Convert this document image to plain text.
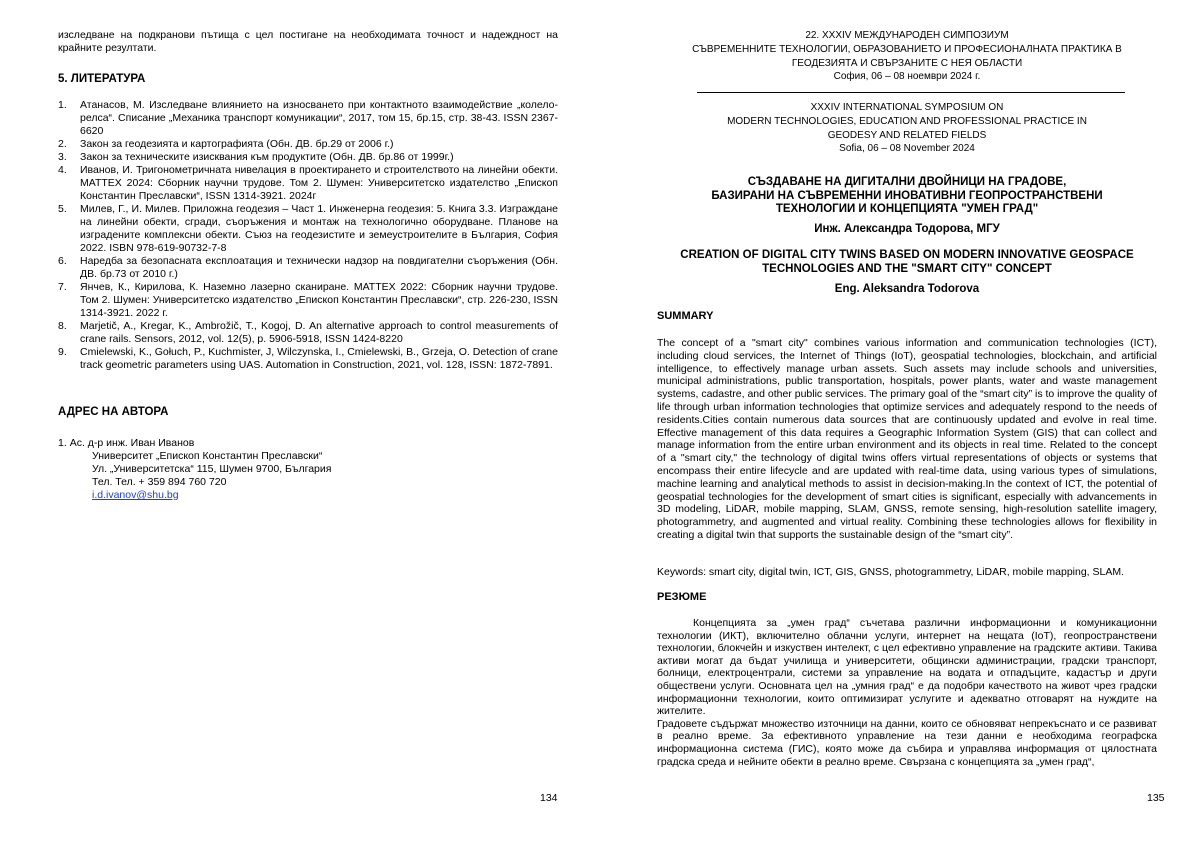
изследване на подкранови пътища с цел постигане на необходимата точност и надеждност на крайните резултати.
5. ЛИТЕРАТУРА
1. Атанасов, М. Изследване влиянието на износването при контактното взаимодействие „колело-релса“. Списание „Механика транспорт комуникации“, 2017, том 15, бр.15, стр. 38-43. ISSN 2367-6620
2. Закон за геодезията и картографията (Обн. ДВ. бр.29 от 2006 г.)
3. Закон за техническите изисквания към продуктите (Обн. ДВ. бр.86 от 1999г.)
4. Иванов, И. Тригонометричната нивелация в проектирането и строителството на линейни обекти. MATTEX 2024: Сборник научни трудове. Том 2. Шумен: Университетско издателство „Епископ Константин Преславски“, ISSN 1314-3921. 2024г
5. Милев, Г., И. Милев. Приложна геодезия – Част 1. Инженерна геодезия: 5. Книга 3.3. Изграждане на линейни обекти, сгради, съоръжения и монтаж на технологично оборудване. Планове на изградените комплексни обекти. Съюз на геодезистите и земеустроителите в България, София 2022. ISBN 978-619-90732-7-8
6. Наредба за безопасната експлоатация и технически надзор на повдигателни съоръжения (Обн. ДВ. бр.73 от 2010 г.)
7. Янчев, К., Кирилова, К. Наземно лазерно сканиране. MATTEX 2022: Сборник научни трудове. Том 2. Шумен: Университетско издателство „Епископ Константин Преславски“, стр. 226-230, ISSN 1314-3921. 2022 г.
8. Marjetič, A., Kregar, K., Ambrožič, T., Kogoj, D. An alternative approach to control measurements of crane rails. Sensors, 2012, vol. 12(5), p. 5906-5918, ISSN 1424-8220
9. Cmielewski, K., Gołuch, P., Kuchmister, J, Wilczynska, I., Cmielewski, B., Grzeja, O. Detection of crane track geometric parameters using UAS. Automation in Construction, 2021, vol. 128, ISSN: 1872-7891.
АДРЕС НА АВТОРА
1. Ас. д-р инж. Иван Иванов
Университет „Епископ Константин Преславски“
Ул. „Университетска“ 115, Шумен 9700, България
Тел. Тел. + 359 894 760 720
i.d.ivanov@shu.bg
134
22. XXXIV МЕЖДУНАРОДЕН СИМПОЗИУМ
СЪВРЕМЕННИТЕ ТЕХНОЛОГИИ, ОБРАЗОВАНИЕТО И ПРОФЕСИОНАЛНАТА ПРАКТИКА В
ГЕОДЕЗИЯТА И СВЪРЗАНИТЕ С НЕЯ ОБЛАСТИ
София, 06 – 08 ноември 2024 г.
XXXIV INTERNATIONAL SYMPOSIUM ON
MODERN TECHNOLOGIES, EDUCATION AND PROFESSIONAL PRACTICE IN
GEODESY AND RELATED FIELDS
Sofia, 06 – 08 November 2024
СЪЗДАВАНЕ НА ДИГИТАЛНИ ДВОЙНИЦИ НА ГРАДОВЕ,
БАЗИРАНИ НА СЪВРЕМЕННИ ИНОВАТИВНИ ГЕОПРОСТРАНСТВЕНИ
ТЕХНОЛОГИИ И КОНЦЕПЦИЯТА "УМЕН ГРАД"
Инж. Александра Тодорова, МГУ
CREATION OF DIGITAL CITY TWINS BASED ON MODERN INNOVATIVE GEOSPACE
TECHNOLOGIES AND THE "SMART CITY" CONCEPT
Eng. Aleksandra Todorova
SUMMARY
The concept of a "smart city" combines various information and communication technologies (ICT), including cloud services, the Internet of Things (IoT), geospatial technologies, blockchain, and artificial intelligence, to effectively manage urban assets. Such assets may include schools and universities, municipal administrations, public transportation, hospitals, power plants, water and waste management systems, cadastre, and other public services. The primary goal of the “smart city” is to improve the quality of life through urban information technologies that optimize services and adequately respond to the needs of residents.Cities contain numerous data sources that are continuously updated and evolve in real time. Effective management of this data requires a Geographic Information System (GIS) that can collect and manage information from the entire urban environment and its objects in real time. Related to the concept of a "smart city," the technology of digital twins offers virtual representations of objects or systems that encompass their entire lifecycle and are updated with real-time data, using various types of simulations, machine learning and analytical methods to assist in decision-making.In the context of ICT, the potential of geospatial technologies for the development of smart cities is significant, especially with advancements in 3D modeling, LiDAR, mobile mapping, SLAM, GNSS, remote sensing, high-resolution satellite imagery, photogrammetry, and augmented and virtual reality. Combining these technologies allows for flexibility in creating a digital twin that supports the sustainable design of the “smart city”.
Keywords: smart city, digital twin, ICT, GIS, GNSS, photogrammetry, LiDAR, mobile mapping, SLAM.
РЕЗЮМЕ

Концепцията за „умен град“ съчетава различни информационни и комуникационни технологии (ИКТ), включително облачни услуги, интернет на нещата (IoT), геопространствени технологии, блокчейн и изкуствен интелект, с цел ефективно управление на градските активи. Такива активи могат да бъдат училища и университети, общински администрации, градски транспорт, болници, електроцентрали, системи за управление на водата и отпадъците, кадастър и други обществени услуги. Основната цел на „умния град“ е да подобри качеството на живот чрез градски информационни технологии, които оптимизират услугите и адекватно отговарят на нуждите на жителите.

Градовете съдържат множество източници на данни, които се обновяват непрекъснато и се развиват в реално време. За ефективното управление на тези данни е необходима географска информационна система (ГИС), която може да събира и управлява информация от цялостната градска среда и нейните обекти в реално време. Свързана с концепцията за „умен град“,

135
